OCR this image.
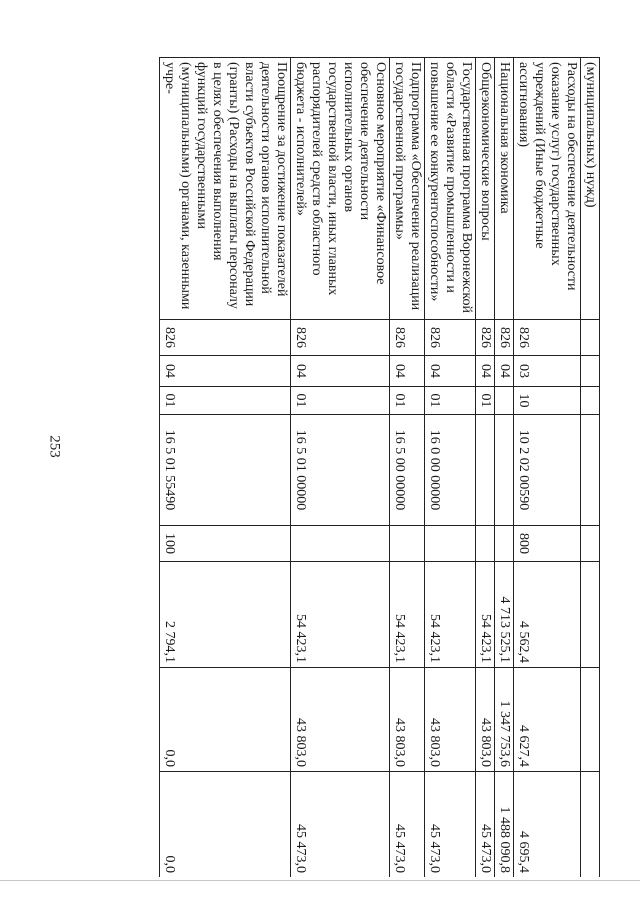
253
(муниципальных) нужд)								
Расходы на обеспечение деятельности (оказание услуг) государственных учреждений (Иные бюджетные ассигнования)	826	03	10	10 2 02 00590	800	4 562,4	4 627,4	4 695,4
Национальная экономика	826	04				4 713 525,1	1 347 753,6	1 488 090,8
Общеэкономические вопросы	826	04	01			54 423,1	43 803,0	45 473,0
Государственная программа Воронежской области «Развитие промышленности и повышение ее конкурентоспособности»	826	04	01	16 0 00 00000		54 423,1	43 803,0	45 473,0
Подпрограмма «Обеспечение реализации государственной программы»	826	04	01	16 5 00 00000		54 423,1	43 803,0	45 473,0
Основное мероприятие «Финансовое обеспечение деятельности исполнительных органов государственной власти, иных главных распорядителей средств областного бюджета - исполнителей»	826	04	01	16 5 01 00000		54 423,1	43 803,0	45 473,0
Поощрение за достижение показателей деятельности органов исполнительной власти субъектов Российской Федерации (гранты) (Расходы на выплаты персоналу в целях обеспечения выполнения функций государственными (муниципальными) органами, казенными учре-	826	04	01	16 5 01 55490	100	2 794,1	0,0	0,0
